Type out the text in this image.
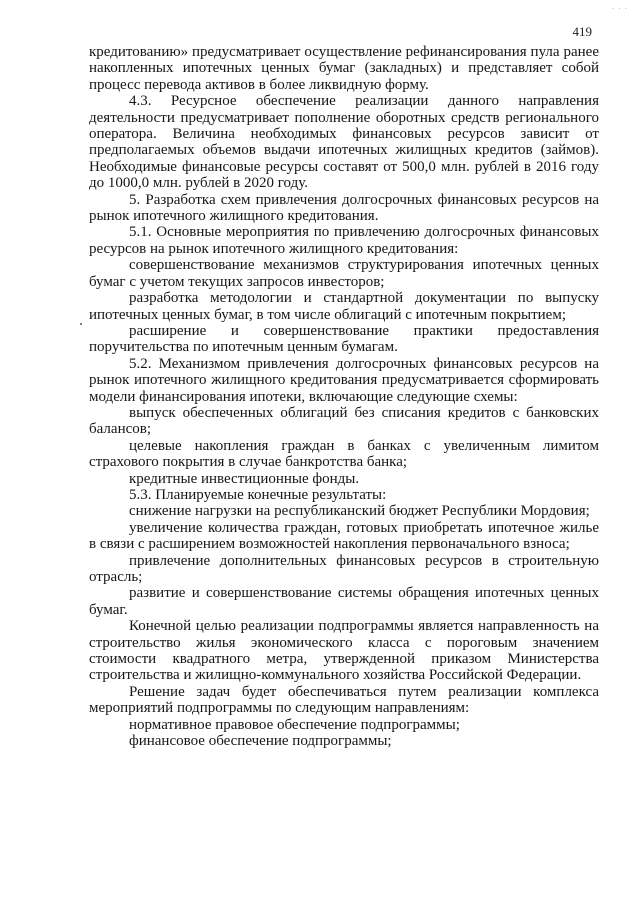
· · ·
419

кредитованию» предусматривает осуществление рефинансирования пула ранее накопленных ипотечных ценных бумаг (закладных) и представляет собой процесс перевода активов в более ликвидную форму.

4.3. Ресурсное обеспечение реализации данного направления деятельности предусматривает пополнение оборотных средств регионального оператора. Величина необходимых финансовых ресурсов зависит от предполагаемых объемов выдачи ипотечных жилищных кредитов (займов). Необходимые финансовые ресурсы составят от 500,0 млн. рублей в 2016 году до 1000,0 млн. рублей в 2020 году.

5. Разработка схем привлечения долгосрочных финансовых ресурсов на рынок ипотечного жилищного кредитования.

5.1. Основные мероприятия по привлечению долгосрочных финансовых ресурсов на рынок ипотечного жилищного кредитования:

совершенствование механизмов структурирования ипотечных ценных бумаг с учетом текущих запросов инвесторов;

разработка методологии и стандартной документации по выпуску ипотечных ценных бумаг, в том числе облигаций с ипотечным покрытием;

расширение и совершенствование практики предоставления поручительства по ипотечным ценным бумагам.

5.2. Механизмом привлечения долгосрочных финансовых ресурсов на рынок ипотечного жилищного кредитования предусматривается сформировать модели финансирования ипотеки, включающие следующие схемы:

выпуск обеспеченных облигаций без списания кредитов с банковских балансов;

целевые накопления граждан в банках с увеличенным лимитом страхового покрытия в случае банкротства банка;

кредитные инвестиционные фонды.

5.3. Планируемые конечные результаты:

снижение нагрузки на республиканский бюджет Республики Мордовия;

увеличение количества граждан, готовых приобретать ипотечное жилье в связи с расширением возможностей накопления первоначального взноса;

привлечение дополнительных финансовых ресурсов в строительную отрасль;

развитие и совершенствование системы обращения ипотечных ценных бумаг.

Конечной целью реализации подпрограммы является направленность на строительство жилья экономического класса с пороговым значением стоимости квадратного метра, утвержденной приказом Министерства строительства и жилищно-коммунального хозяйства Российской Федерации.

Решение задач будет обеспечиваться путем реализации комплекса мероприятий подпрограммы по следующим направлениям:

нормативное правовое обеспечение подпрограммы;

финансовое обеспечение подпрограммы;
